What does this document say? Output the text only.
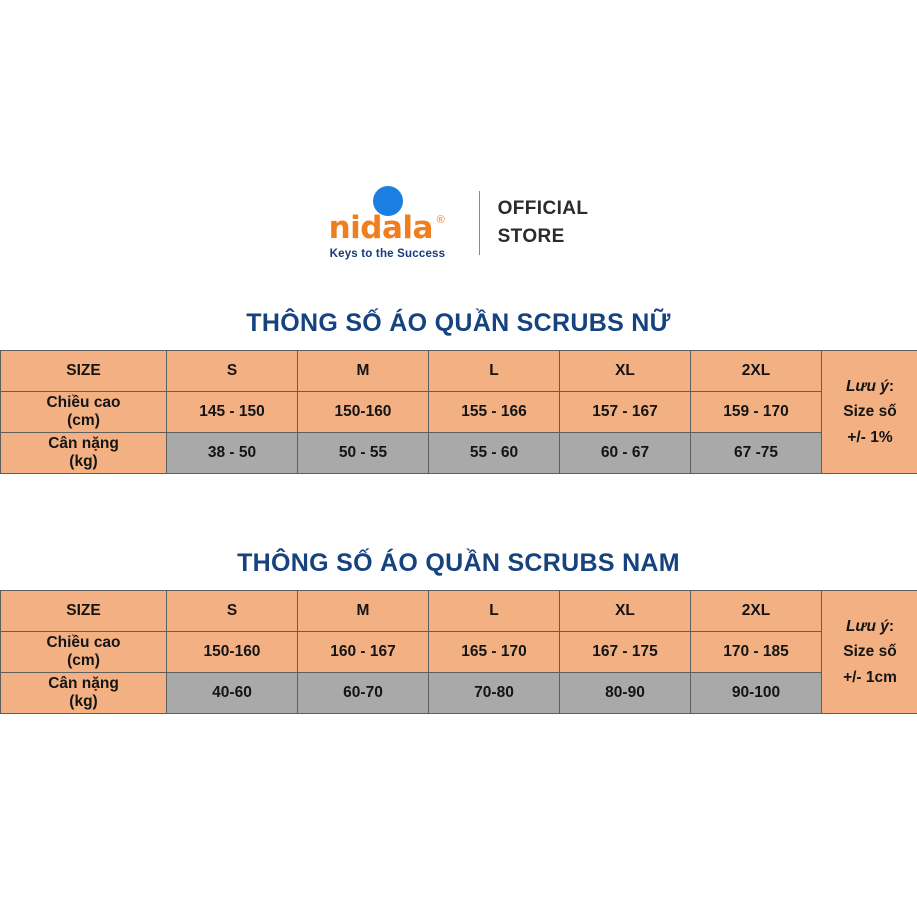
nidala ®
Keys to the Success
OFFICIAL
STORE
THÔNG SỐ ÁO QUẦN SCRUBS NỮ
SIZE	S	M	L	XL	2XL	Lưu ý:
Size số
+/- 1%

Chiều cao
(cm)	145 - 150	150-160	155 - 166	157 - 167	159 - 170	

Cân nặng
(kg)	38 - 50	50 - 55	55 - 60	60 - 67	67 -75	
THÔNG SỐ ÁO QUẦN SCRUBS NAM
SIZE	S	M	L	XL	2XL	Lưu ý:
Size số
+/- 1cm

Chiều cao
(cm)	150-160	160 - 167	165 - 170	167 - 175	170 - 185	

Cân nặng
(kg)	40-60	60-70	70-80	80-90	90-100	
